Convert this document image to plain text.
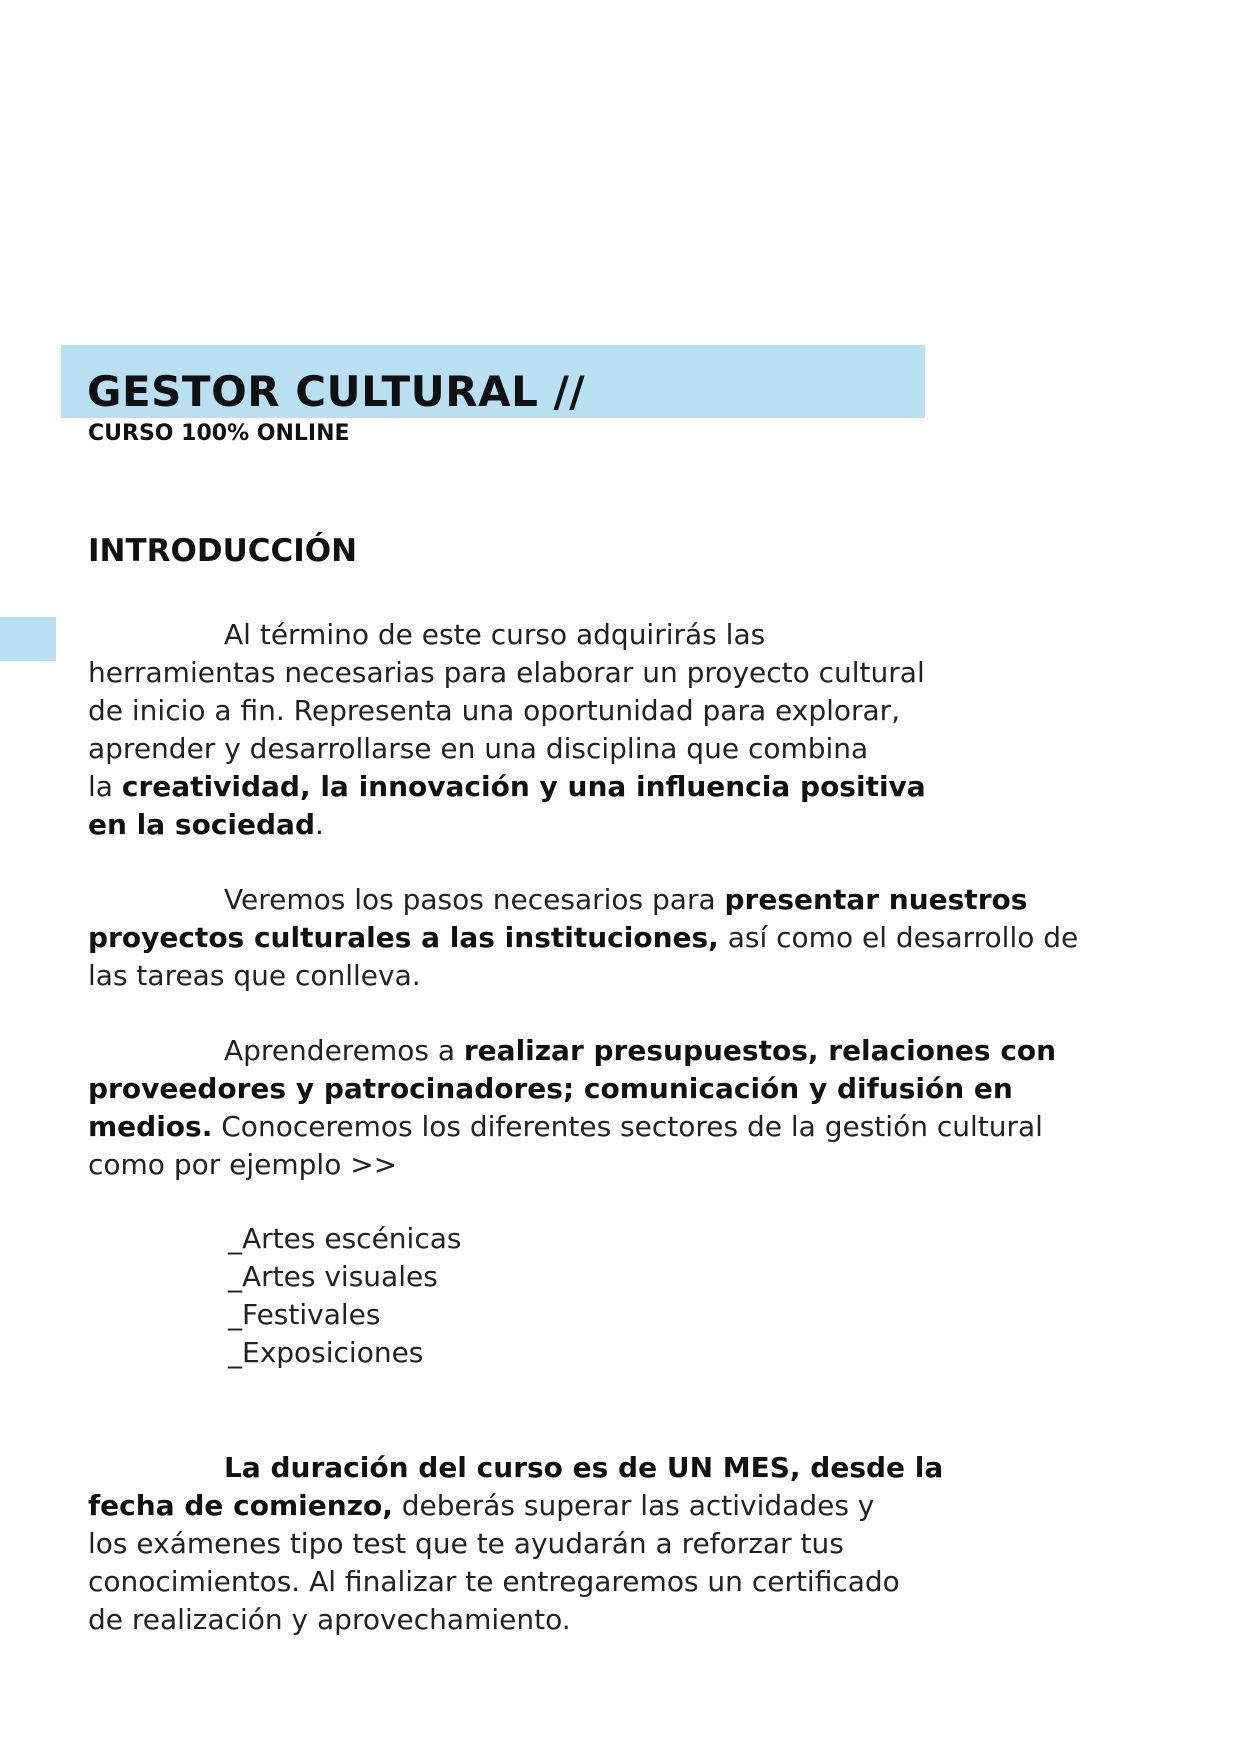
GESTOR CULTURAL //
CURSO 100% ONLINE
INTRODUCCIÓN
Al término de este curso adquirirás las
herramientas necesarias para elaborar un proyecto cultural
de inicio a fin. Representa una oportunidad para explorar,
aprender y desarrollarse en una disciplina que combina
la creatividad, la innovación y una influencia positiva
en la sociedad.
Veremos los pasos necesarios para presentar nuestros
proyectos culturales a las instituciones, así como el desarrollo de
las tareas que conlleva.
Aprenderemos a realizar presupuestos, relaciones con
proveedores y patrocinadores; comunicación y difusión en
medios. Conoceremos los diferentes sectores de la gestión cultural
como por ejemplo >>
_Artes escénicas
_Artes visuales
_Festivales
_Exposiciones
La duración del curso es de UN MES, desde la
fecha de comienzo, deberás superar las actividades y
los exámenes tipo test que te ayudarán a reforzar tus
conocimientos. Al finalizar te entregaremos un certificado
de realización y aprovechamiento.
